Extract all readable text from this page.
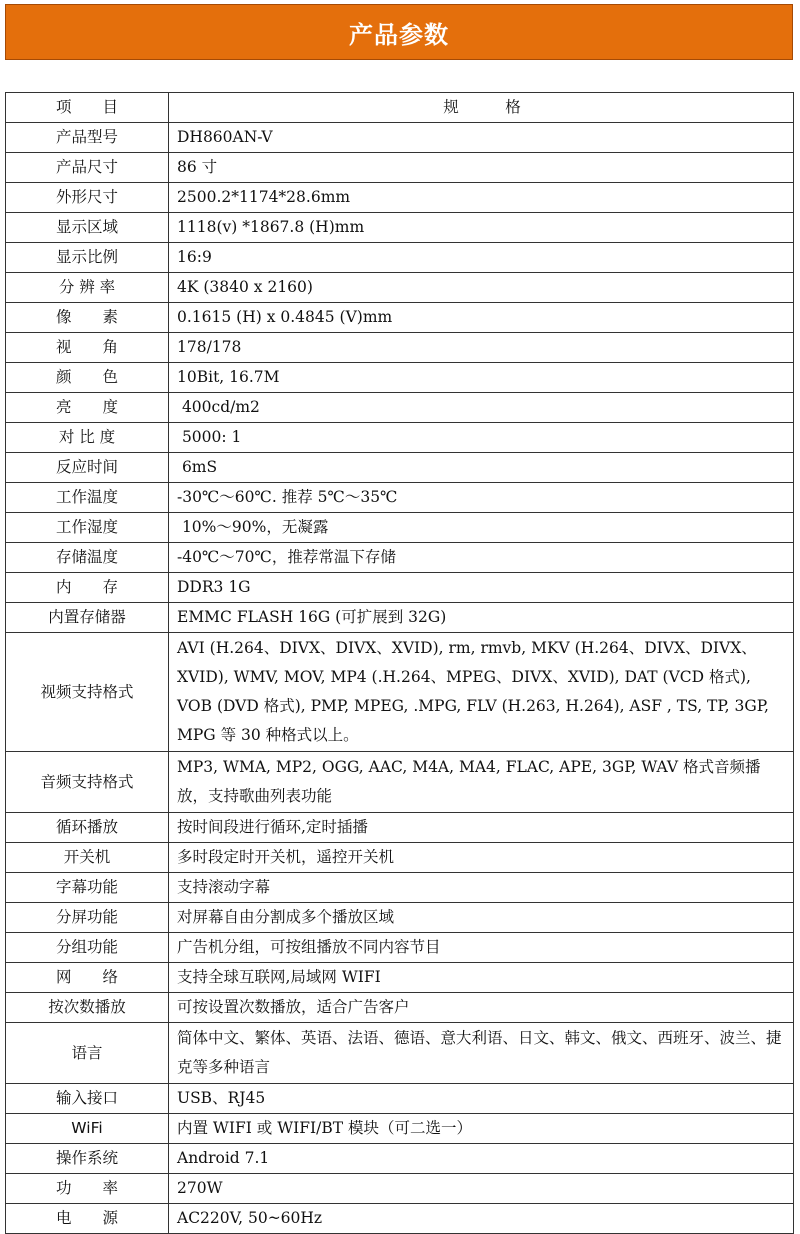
产品参数
项　　目	规　　　格
产品型号	DH860AN-V
产品尺寸	86 寸
外形尺寸	2500.2*1174*28.6mm
显示区域	1118(v) *1867.8 (H)mm
显示比例	16:9
分 辨 率	4K (3840 x 2160)
像　　素	0.1615 (H) x 0.4845 (V)mm
视　　角	178/178
颜　　色	10Bit, 16.7M
亮　　度	400cd/m2
对 比 度	5000: 1
反应时间	6mS
工作温度	-30℃～60℃. 推荐 5℃～35℃
工作湿度	10%～90%，无凝露
存储温度	-40℃～70℃，推荐常温下存储
内　　存	DDR3 1G
内置存储器	EMMC FLASH 16G (可扩展到 32G)
视频支持格式	AVI (H.264、DIVX、DIVX、XVID), rm, rmvb, MKV (H.264、DIVX、DIVX、XVID), WMV, MOV, MP4 (.H.264、MPEG、DIVX、XVID), DAT (VCD 格式), VOB (DVD 格式), PMP, MPEG, .MPG, FLV (H.263, H.264), ASF , TS, TP, 3GP, MPG 等 30 种格式以上。
音频支持格式	MP3, WMA, MP2, OGG, AAC, M4A, MA4, FLAC, APE, 3GP, WAV 格式音频播放，支持歌曲列表功能
循环播放	按时间段进行循环,定时插播
开关机	多时段定时开关机，遥控开关机
字幕功能	支持滚动字幕
分屏功能	对屏幕自由分割成多个播放区域
分组功能	广告机分组，可按组播放不同内容节目
网　　络	支持全球互联网,局域网 WIFI
按次数播放	可按设置次数播放，适合广告客户
语言	简体中文、繁体、英语、法语、德语、意大利语、日文、韩文、俄文、西班牙、波兰、捷克等多种语言
输入接口	USB、RJ45
WiFi	内置 WIFI 或 WIFI/BT 模块（可二选一）
操作系统	Android 7.1
功　　率	270W
电　　源	AC220V, 50~60Hz
